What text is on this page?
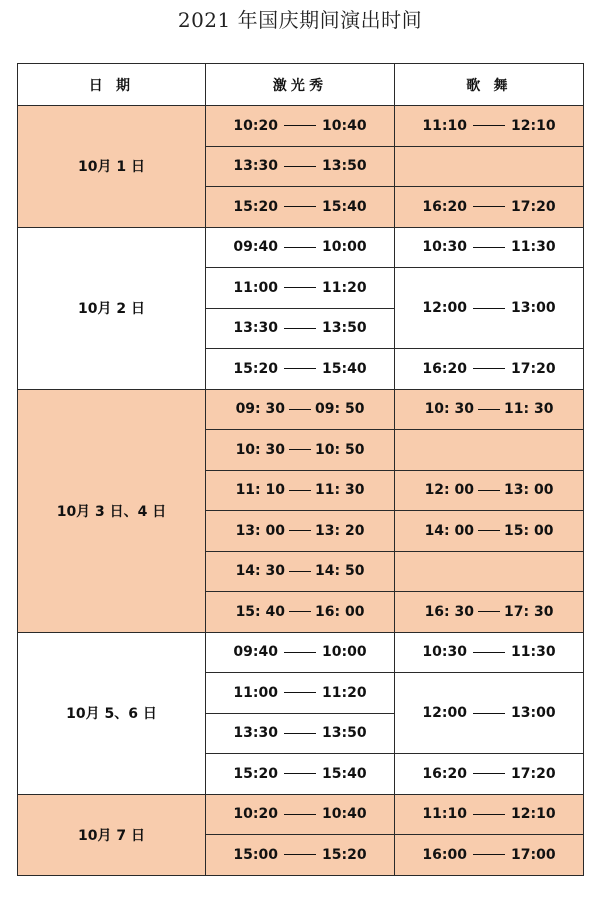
2021 年国庆期间演出时间
日 期	激光秀	歌 舞
10月 1 日	10:20 10:40	11:10 12:10

	13:30 13:50	

	15:20 15:40	16:20 17:20

10月 2 日	09:40 10:00	10:30 11:30

	11:00 11:20	12:00 13:00

	13:30 13:50	

	15:20 15:40	16:20 17:20

10月 3 日、4 日	09: 30 09: 50	10: 30 11: 30

	10: 30 10: 50	

	11: 10 11: 30	12: 00 13: 00

	13: 00 13: 20	14: 00 15: 00

	14: 30 14: 50	

	15: 40 16: 00	16: 30 17: 30

10月 5、6 日	09:40 10:00	10:30 11:30

	11:00 11:20	12:00 13:00

	13:30 13:50	

	15:20 15:40	16:20 17:20

10月 7 日	10:20 10:40	11:10 12:10

	15:00 15:20	16:00 17:00
